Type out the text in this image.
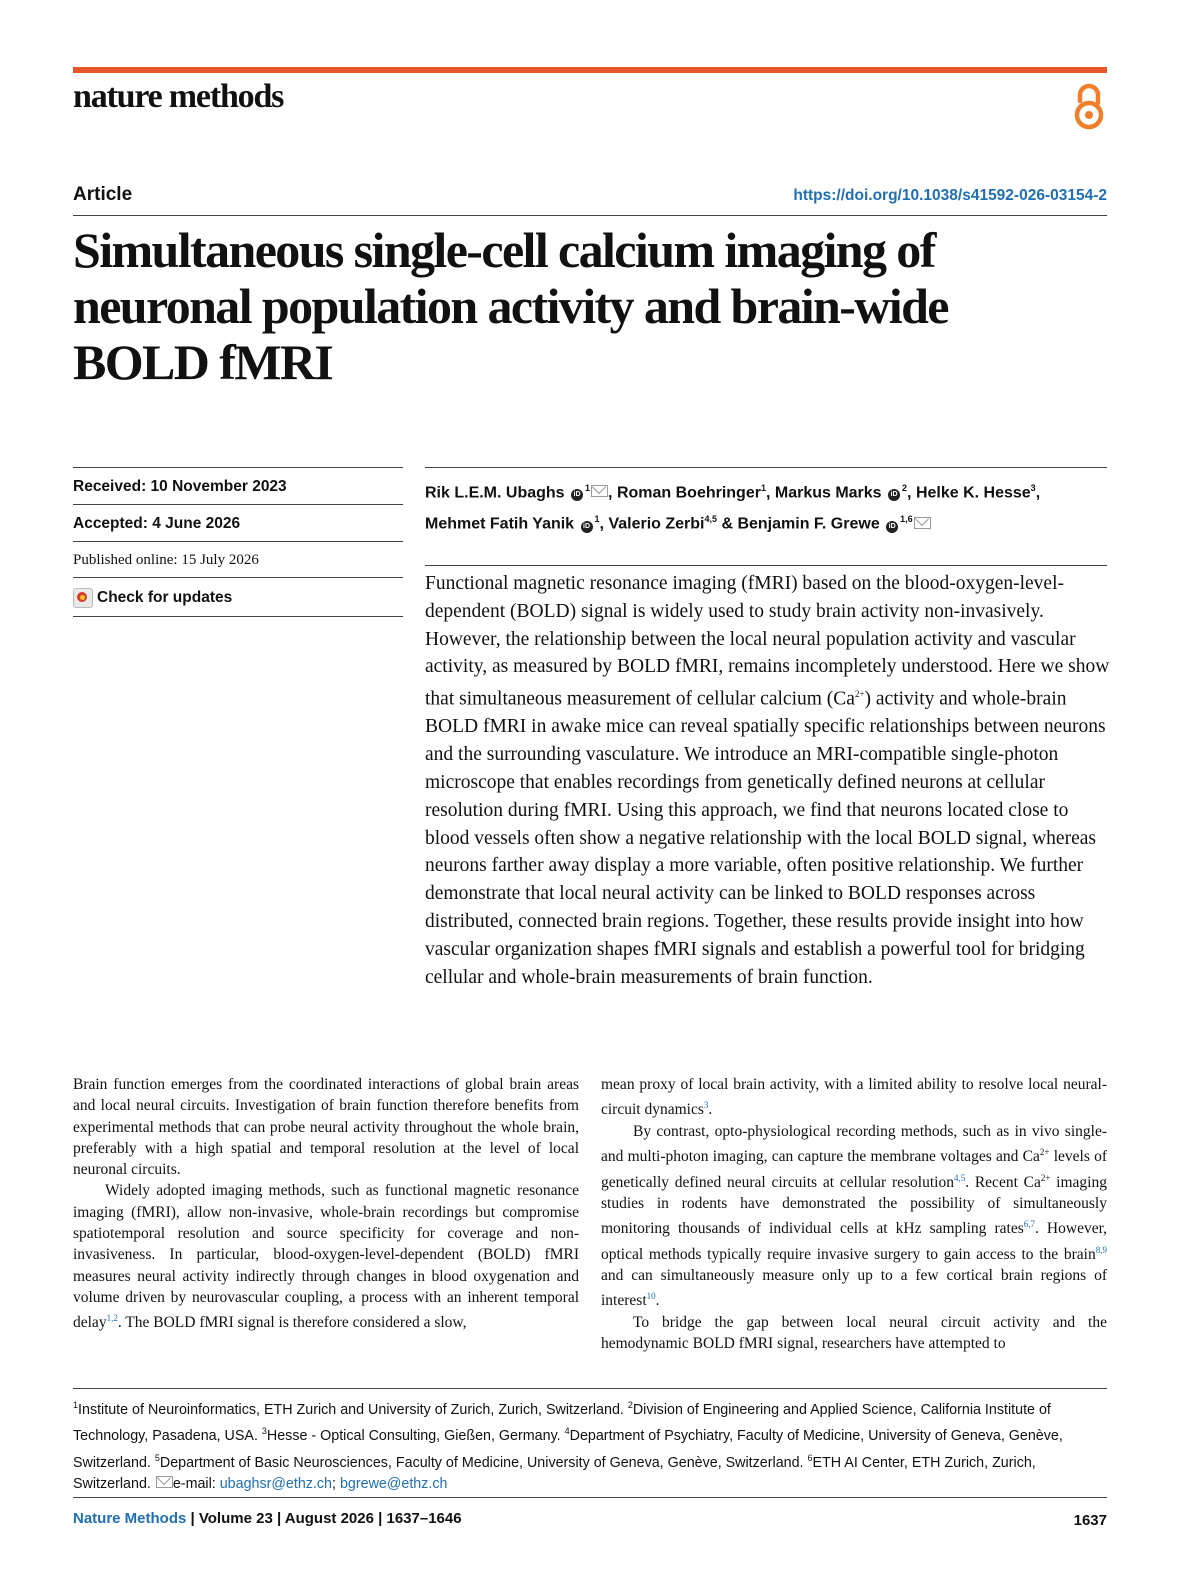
nature methods
Article	https://doi.org/10.1038/s41592-026-03154-2
Simultaneous single-cell calcium imaging of
neuronal population activity and brain-wide
BOLD fMRI
Received: 10 November 2023
Accepted: 4 June 2026
Published online: 15 July 2026
Check for updates
Rik L.E.M. Ubaghs $iD^1$ , Roman Boehringer$^1$, Markus Marks $iD^2$, Helke K. Hesse$^3$,
Mehmet Fatih Yanik $iD^1$, Valerio Zerbi$^{4,5}$ & Benjamin F. Grewe iD$^{1,6}$

Functional magnetic resonance imaging (fMRI) based on the blood-oxygen-level-dependent (BOLD) signal is widely used to study brain activity non-invasively. However, the relationship between the local neural population activity and vascular activity, as measured by BOLD fMRI, remains incompletely understood. Here we show that simultaneous measurement of cellular calcium $(Ca^{2+})$ activity and whole-brain BOLD fMRI in awake mice can reveal spatially specific relationships between neurons and the surrounding vasculature. We introduce an MRI-compatible single-photon microscope that enables recordings from genetically defined neurons at cellular resolution during fMRI. Using this approach, we find that neurons located close to blood vessels often show a negative relationship with the local BOLD signal, whereas neurons farther away display a more variable, often positive relationship. We further demonstrate that local neural activity can be linked to BOLD responses across distributed, connected brain regions. Together, these results provide insight into how vascular organization shapes fMRI signals and establish a powerful tool for bridging cellular and whole-brain measurements of brain function.

Brain function emerges from the coordinated interactions of global brain areas and local neural circuits. Investigation of brain function therefore benefits from experimental methods that can probe neural activity throughout the whole brain, preferably with a high spatial and temporal resolution at the level of local neuronal circuits.

Widely adopted imaging methods, such as functional magnetic resonance imaging (fMRI), allow non-invasive, whole-brain recordings but compromise spatiotemporal resolution and source specificity for coverage and non-invasiveness. In particular, blood-oxygen-level-dependent (BOLD) fMRI measures neural activity indirectly through changes in blood oxygenation and volume driven by neurovascular coupling, a process with an inherent temporal delay$^{1,2}$. The BOLD fMRI signal is therefore considered a slow,

mean proxy of local brain activity, with a limited ability to resolve local neural-circuit dynamics$^3$.

By contrast, opto-physiological recording methods, such as in vivo single- and multi-photon imaging, can capture the membrane voltages and $Ca^{2+}$ levels of genetically defined neural circuits at cellular resolution$^{4,5}$. Recent $Ca^{2+}$ imaging studies in rodents have demonstrated the possibility of simultaneously monitoring thousands of individual cells at kHz sampling rates$^{6,7}$. However, optical methods typically require invasive surgery to gain access to the brain$^{8,9}$ and can simultaneously measure only up to a few cortical brain regions of interest$^{10}$.

To bridge the gap between local neural circuit activity and the hemodynamic BOLD fMRI signal, researchers have attempted to

$^1$Institute of Neuroinformatics, ETH Zurich and University of Zurich, Zurich, Switzerland. $^2$Division of Engineering and Applied Science, California Institute of Technology, Pasadena, USA. $^3$Hesse - Optical Consulting, Gießen, Germany. $^4$Department of Psychiatry, Faculty of Medicine, University of Geneva, Genève, Switzerland. $^5$Department of Basic Neurosciences, Faculty of Medicine, University of Geneva, Genève, Switzerland. $^6$ETH AI Center, ETH Zurich, Zurich, Switzerland. e-mail: ubaghsr@ethz.ch; bgrewe@ethz.ch

Nature Methods | Volume 23 | August 2026 | 1637–1646	1637
